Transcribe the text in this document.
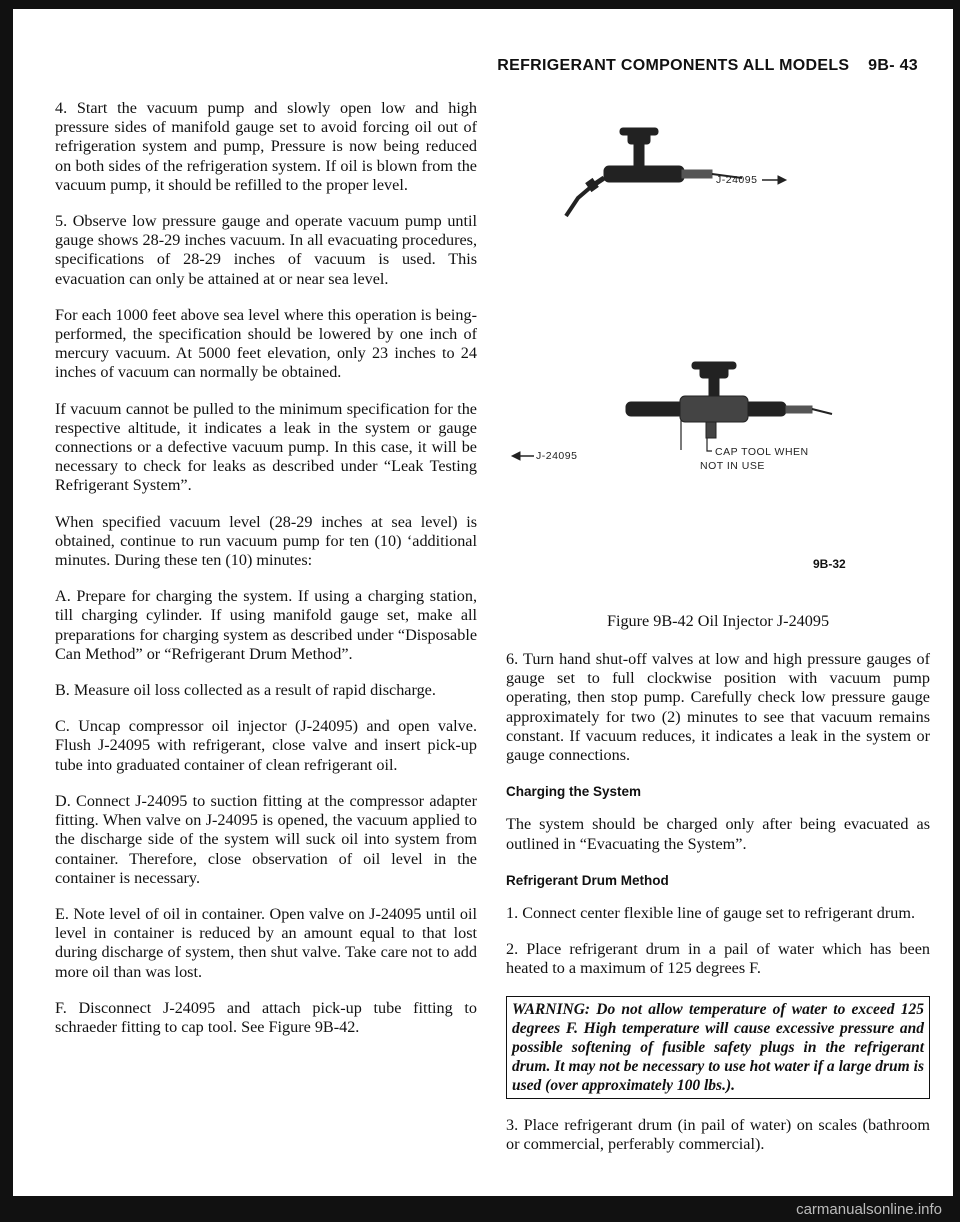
REFRIGERANT COMPONENTS ALL MODELS 9B- 43

4. Start the vacuum pump and slowly open low and high pressure sides of manifold gauge set to avoid forcing oil out of refrigeration system and pump, Pressure is now being reduced on both sides of the refrigeration system. If oil is blown from the vacuum pump, it should be refilled to the proper level.

5. Observe low pressure gauge and operate vacuum pump until gauge shows 28-29 inches vacuum. In all evacuating procedures, specifications of 28-29 inches of vacuum is used. This evacuation can only be attained at or near sea level.

For each 1000 feet above sea level where this operation is being-performed, the specification should be lowered by one inch of mercury vacuum. At 5000 feet elevation, only 23 inches to 24 inches of vacuum can normally be obtained.

If vacuum cannot be pulled to the minimum specification for the respective altitude, it indicates a leak in the system or gauge connections or a defective vacuum pump. In this case, it will be necessary to check for leaks as described under “Leak Testing Refrigerant System”.

When specified vacuum level (28-29 inches at sea level) is obtained, continue to run vacuum pump for ten (10) ‘additional minutes. During these ten (10) minutes:

A. Prepare for charging the system. If using a charging station, till charging cylinder. If using manifold gauge set, make all preparations for charging system as described under “Disposable Can Method” or “Refrigerant Drum Method”.

B. Measure oil loss collected as a result of rapid discharge.

C. Uncap compressor oil injector (J-24095) and open valve. Flush J-24095 with refrigerant, close valve and insert pick-up tube into graduated container of clean refrigerant oil.

D. Connect J-24095 to suction fitting at the compressor adapter fitting. When valve on J-24095 is opened, the vacuum applied to the discharge side of the system will suck oil into system from container. Therefore, close observation of oil level in the container is necessary.

E. Note level of oil in container. Open valve on J-24095 until oil level in container is reduced by an amount equal to that lost during discharge of system, then shut valve. Take care not to add more oil than was lost.

F. Disconnect J-24095 and attach pick-up tube fitting to schraeder fitting to cap tool. See Figure 9B-42.

J-24095
J-24095	CAP TOOL WHEN
NOT IN USE
9B-32
Figure 9B-42 Oil Injector J-24095

6. Turn hand shut-off valves at low and high pressure gauges of gauge set to full clockwise position with vacuum pump operating, then stop pump. Carefully check low pressure gauge approximately for two (2) minutes to see that vacuum remains constant. If vacuum reduces, it indicates a leak in the system or gauge connections.

Charging the System

The system should be charged only after being evacuated as outlined in “Evacuating the System”.

Refrigerant Drum Method

1. Connect center flexible line of gauge set to refrigerant drum.

2. Place refrigerant drum in a pail of water which has been heated to a maximum of 125 degrees F.

WARNING: Do not allow temperature of water to exceed 125 degrees F. High temperature will cause excessive pressure and possible softening of fusible safety plugs in the refrigerant drum. It may not be necessary to use hot water if a large drum is used (over approximately 100 lbs.).

3. Place refrigerant drum (in pail of water) on scales (bathroom or commercial, perferably commercial).

carmanualsonline.info
